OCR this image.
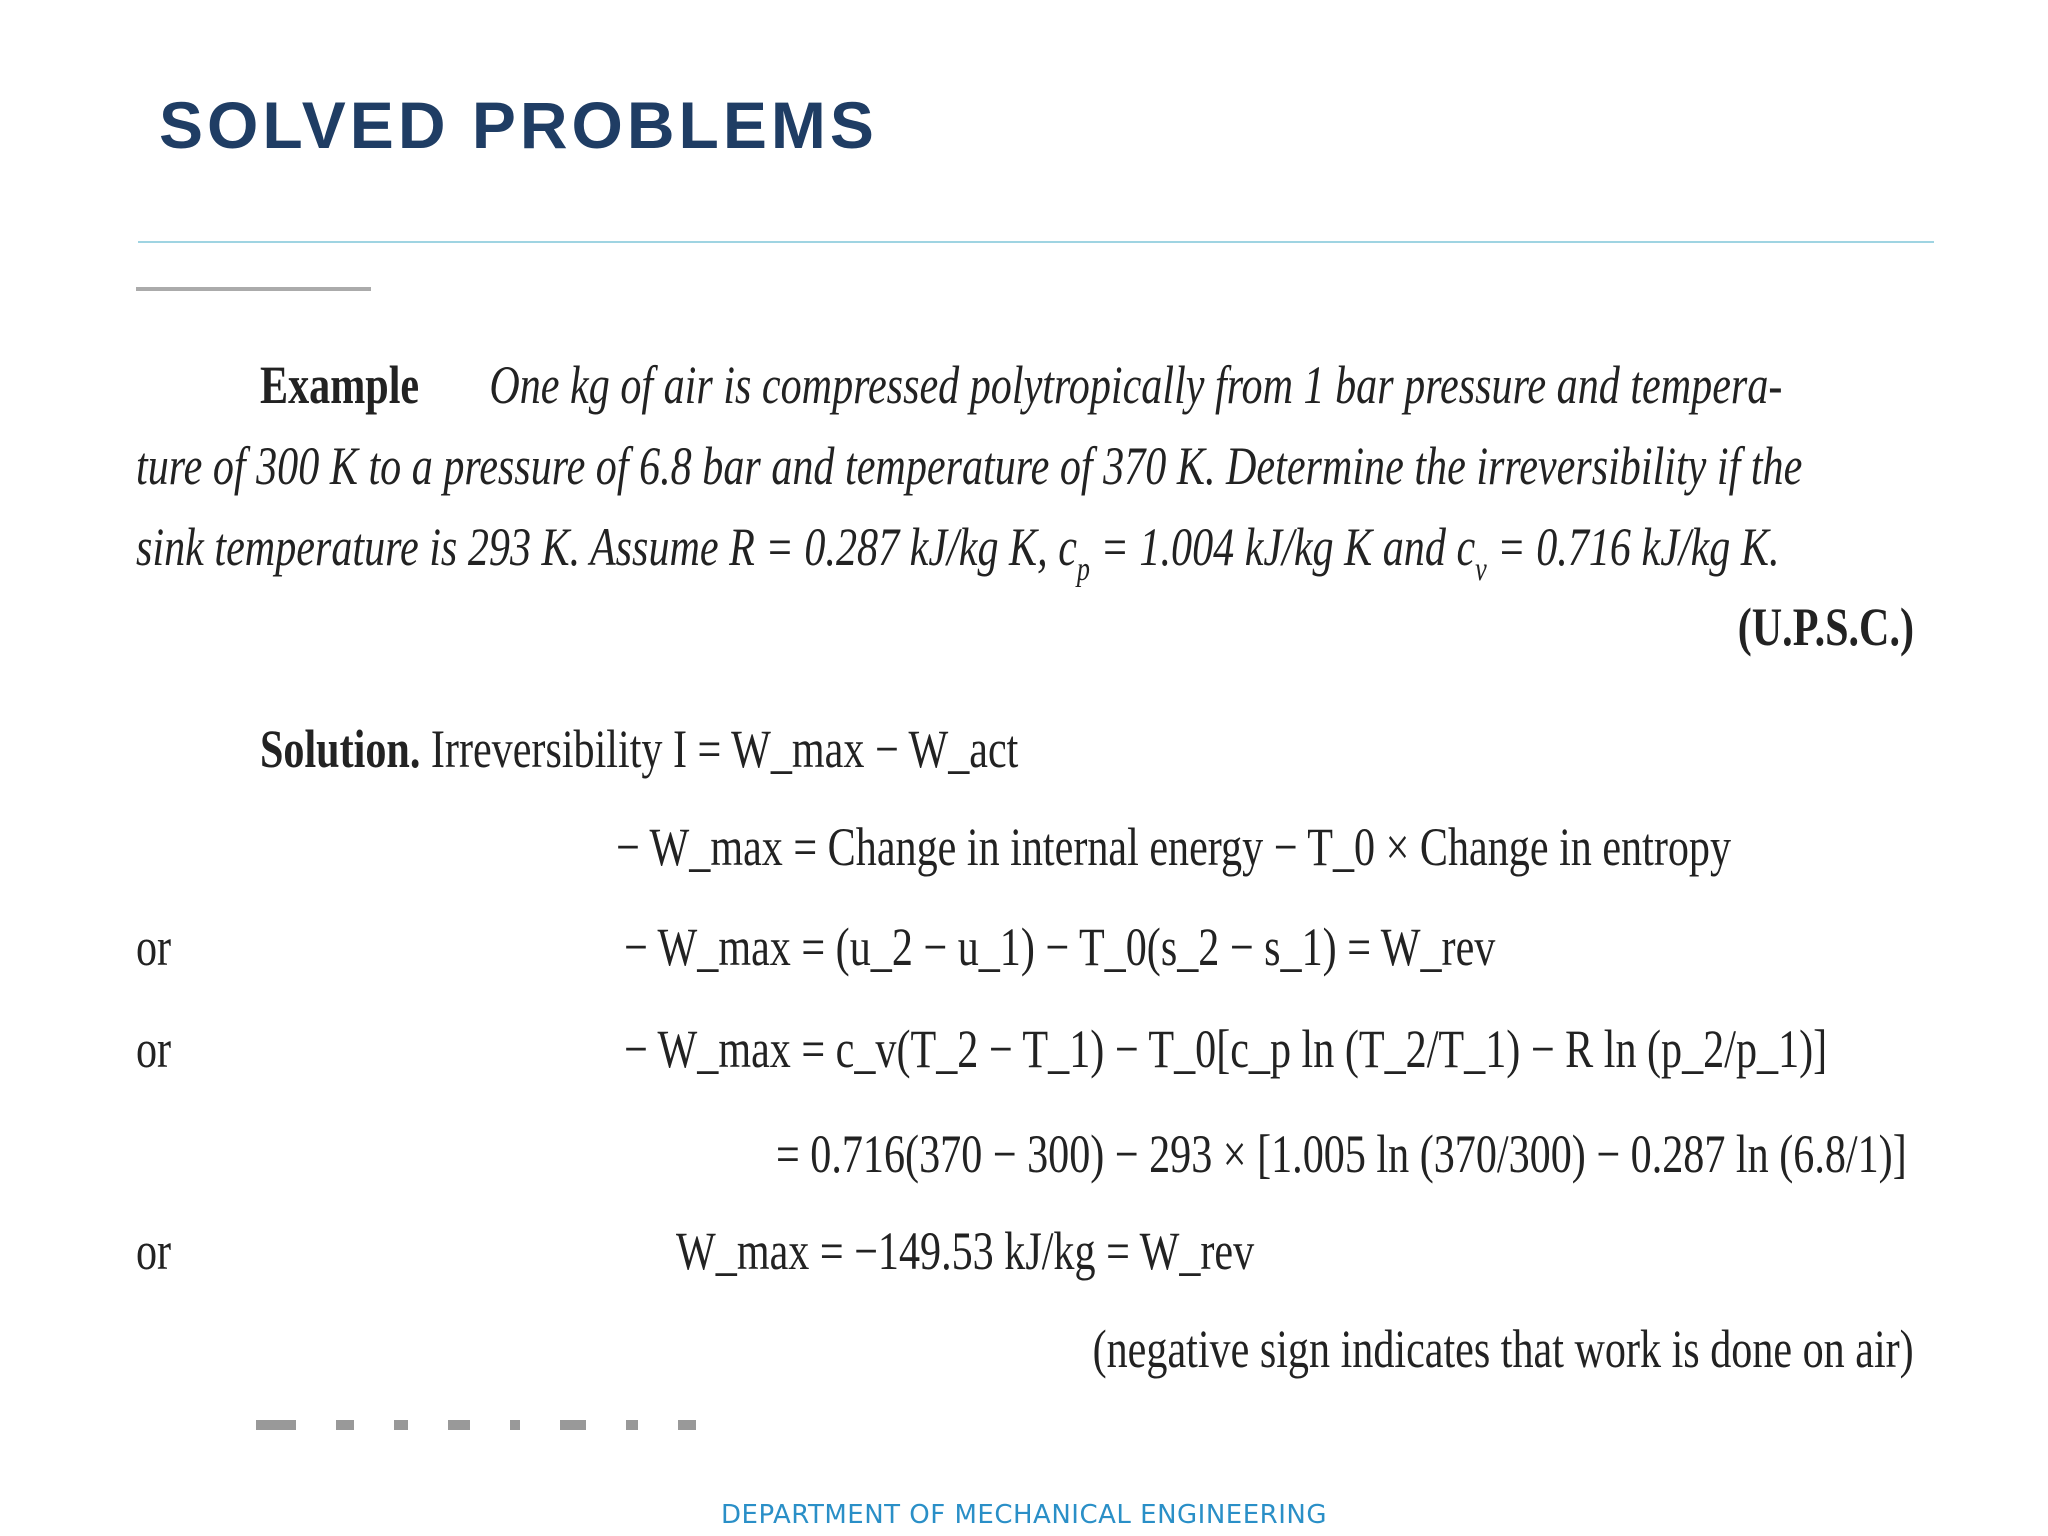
SOLVED PROBLEMS
Example One kg of air is compressed polytropically from 1 bar pressure and tempera-
ture of 300 K to a pressure of 6.8 bar and temperature of 370 K. Determine the irreversibility if the
sink temperature is 293 K. Assume R = 0.287 kJ/kg K, $c_p = 1.004$ kJ/kg K and $c_v = 0.716$ kJ/kg K.
(U.P.S.C.)
Solution. Irreversibility I = W_max − W_act
− W_max = Change in internal energy − T_0 × Change in entropy
or	− W_max = (u_2 − u_1) − T_0(s_2 − s_1) = W_rev
or	− W_max = c_v(T_2 − T_1) − T_0[c_p ln (T_2/T_1) − R ln (p_2/p_1)]
= 0.716(370 − 300) − 293 × [1.005 ln (370/300) − 0.287 ln (6.8/1)]
or	W_max = −149.53 kJ/kg = W_rev
(negative sign indicates that work is done on air)
DEPARTMENT OF MECHANICAL ENGINEERING
